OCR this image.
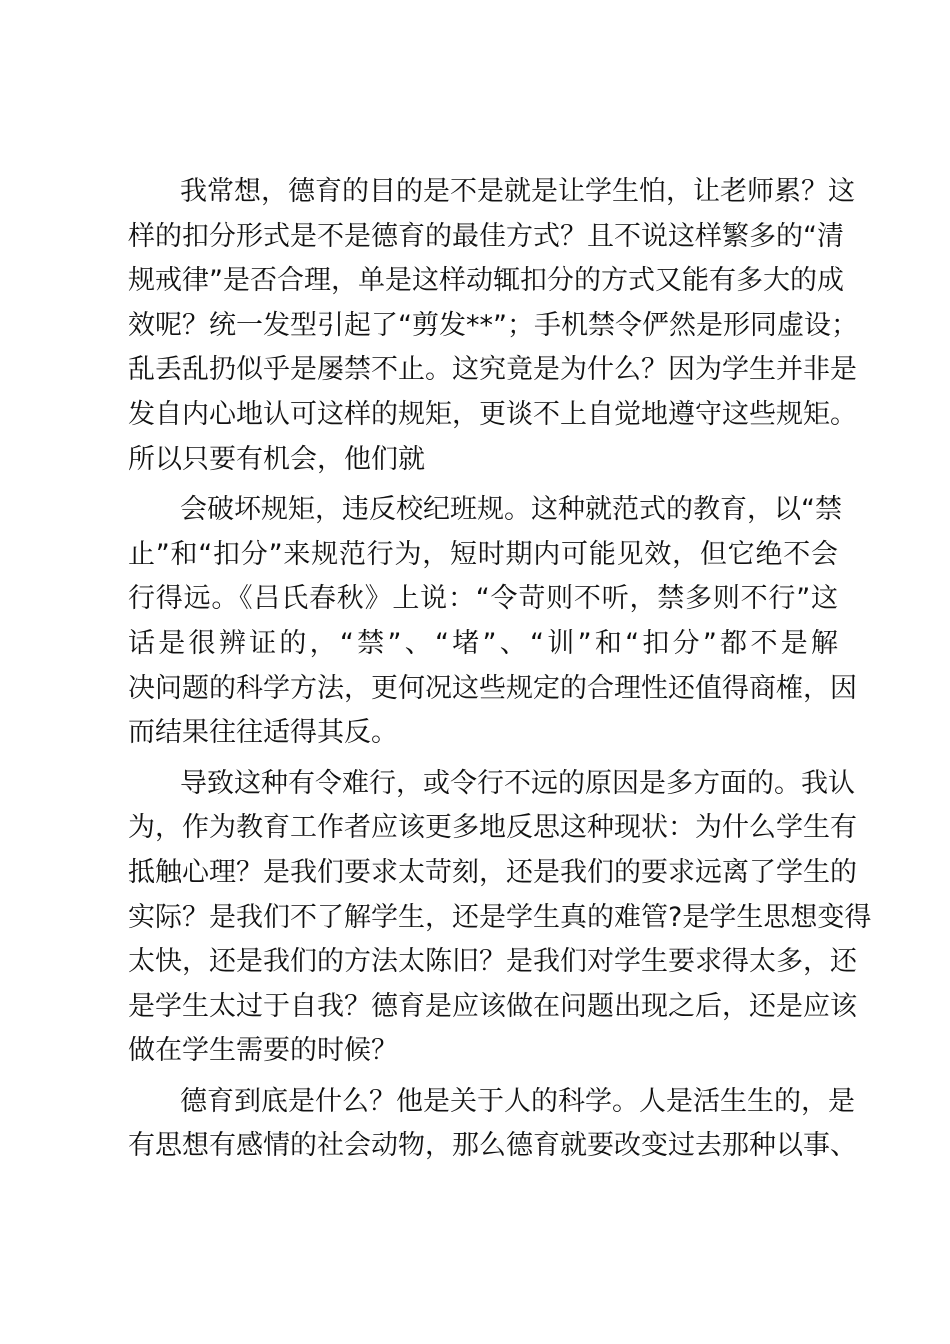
我常想，德育的目的是不是就是让学生怕，让老师累？这
样的扣分形式是不是德育的最佳方式？且不说这样繁多的“清
规戒律”是否合理，单是这样动辄扣分的方式又能有多大的成
效呢？统一发型引起了“剪发**”；手机禁令俨然是形同虚设；
乱丢乱扔似乎是屡禁不止。这究竟是为什么？因为学生并非是
发自内心地认可这样的规矩，更谈不上自觉地遵守这些规矩。
所以只要有机会，他们就

会破坏规矩，违反校纪班规。这种就范式的教育，以“禁
止”和“扣分”来规范行为，短时期内可能见效，但它绝不会
行得远。《吕氏春秋》上说：“令苛则不听，禁多则不行”这
话是很辨证的，“禁”、“堵”、“训”和“扣分”都不是解
决问题的科学方法，更何况这些规定的合理性还值得商榷，因
而结果往往适得其反。

导致这种有令难行，或令行不远的原因是多方面的。我认
为，作为教育工作者应该更多地反思这种现状：为什么学生有
抵触心理？是我们要求太苛刻，还是我们的要求远离了学生的
实际？是我们不了解学生，还是学生真的难管?是学生思想变得
太快，还是我们的方法太陈旧？是我们对学生要求得太多，还
是学生太过于自我？德育是应该做在问题出现之后，还是应该
做在学生需要的时候？

德育到底是什么？他是关于人的科学。人是活生生的，是
有思想有感情的社会动物，那么德育就要改变过去那种以事、
